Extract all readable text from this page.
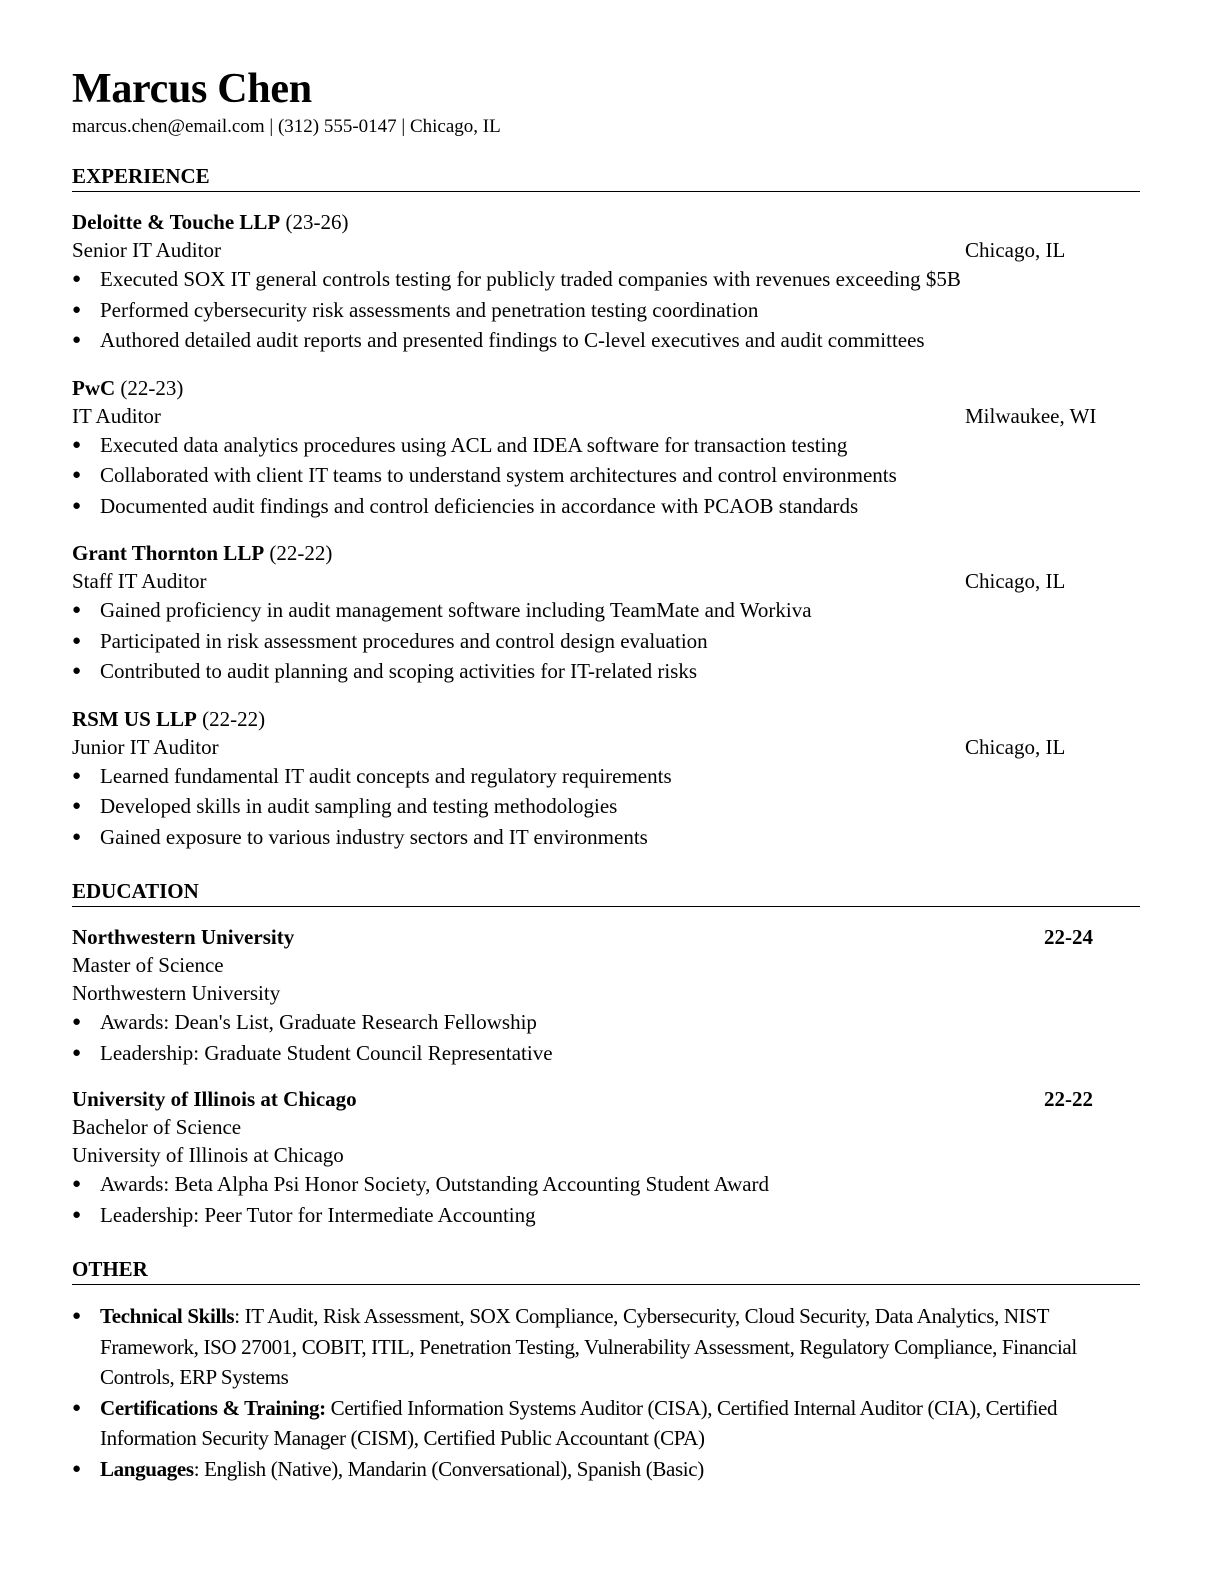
Marcus Chen
marcus.chen@email.com | (312) 555-0147 | Chicago, IL
EXPERIENCE
Deloitte & Touche LLP (23-26)
Senior IT Auditor	Chicago, IL
● Executed SOX IT general controls testing for publicly traded companies with revenues exceeding $5B
● Performed cybersecurity risk assessments and penetration testing coordination
● Authored detailed audit reports and presented findings to C-level executives and audit committees
PwC (22-23)
IT Auditor	Milwaukee, WI
● Executed data analytics procedures using ACL and IDEA software for transaction testing
● Collaborated with client IT teams to understand system architectures and control environments
● Documented audit findings and control deficiencies in accordance with PCAOB standards
Grant Thornton LLP (22-22)
Staff IT Auditor	Chicago, IL
● Gained proficiency in audit management software including TeamMate and Workiva
● Participated in risk assessment procedures and control design evaluation
● Contributed to audit planning and scoping activities for IT-related risks
RSM US LLP (22-22)
Junior IT Auditor	Chicago, IL
● Learned fundamental IT audit concepts and regulatory requirements
● Developed skills in audit sampling and testing methodologies
● Gained exposure to various industry sectors and IT environments
EDUCATION
Northwestern University	22-24
Master of Science
Northwestern University
● Awards: Dean's List, Graduate Research Fellowship
● Leadership: Graduate Student Council Representative
University of Illinois at Chicago	22-22
Bachelor of Science
University of Illinois at Chicago
● Awards: Beta Alpha Psi Honor Society, Outstanding Accounting Student Award
● Leadership: Peer Tutor for Intermediate Accounting
OTHER
● Technical Skills: IT Audit, Risk Assessment, SOX Compliance, Cybersecurity, Cloud Security, Data Analytics, NIST Framework, ISO 27001, COBIT, ITIL, Penetration Testing, Vulnerability Assessment, Regulatory Compliance, Financial Controls, ERP Systems
● Certifications & Training: Certified Information Systems Auditor (CISA), Certified Internal Auditor (CIA), Certified Information Security Manager (CISM), Certified Public Accountant (CPA)
● Languages: English (Native), Mandarin (Conversational), Spanish (Basic)
